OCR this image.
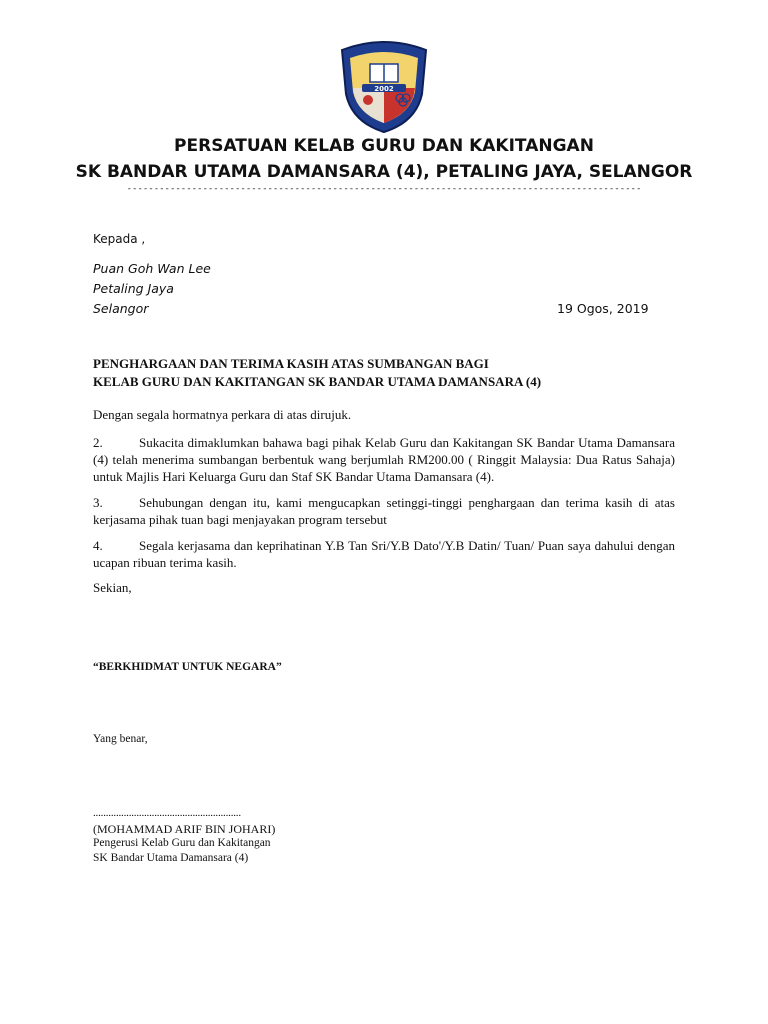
2002
PERSATUAN KELAB GURU DAN KAKITANGAN
SK BANDAR UTAMA DAMANSARA (4), PETALING JAYA, SELANGOR
-----------------------------------------------------------------------------------------------
Kepada ,
Puan Goh Wan Lee
Petaling Jaya
Selangor	19 Ogos, 2019
PENGHARGAAN DAN TERIMA KASIH ATAS SUMBANGAN BAGI
KELAB GURU DAN KAKITANGAN SK BANDAR UTAMA DAMANSARA (4)
Dengan segala hormatnya perkara di atas dirujuk.
2.	Sukacita dimaklumkan bahawa bagi pihak Kelab Guru dan Kakitangan SK Bandar Utama Damansara (4) telah menerima sumbangan berbentuk wang berjumlah RM200.00 ( Ringgit Malaysia: Dua Ratus Sahaja) untuk Majlis Hari Keluarga Guru dan Staf SK Bandar Utama Damansara (4).
3.	Sehubungan dengan itu, kami mengucapkan setinggi-tinggi penghargaan dan terima kasih di atas kerjasama pihak tuan bagi menjayakan program tersebut
4.	Segala kerjasama dan keprihatinan Y.B Tan Sri/Y.B Dato'/Y.B Datin/ Tuan/ Puan saya dahului dengan ucapan ribuan terima kasih.
Sekian,
“BERKHIDMAT UNTUK NEGARA”
Yang benar,
..........................................................
(MOHAMMAD ARIF BIN JOHARI)
Pengerusi Kelab Guru dan Kakitangan
SK Bandar Utama Damansara (4)
